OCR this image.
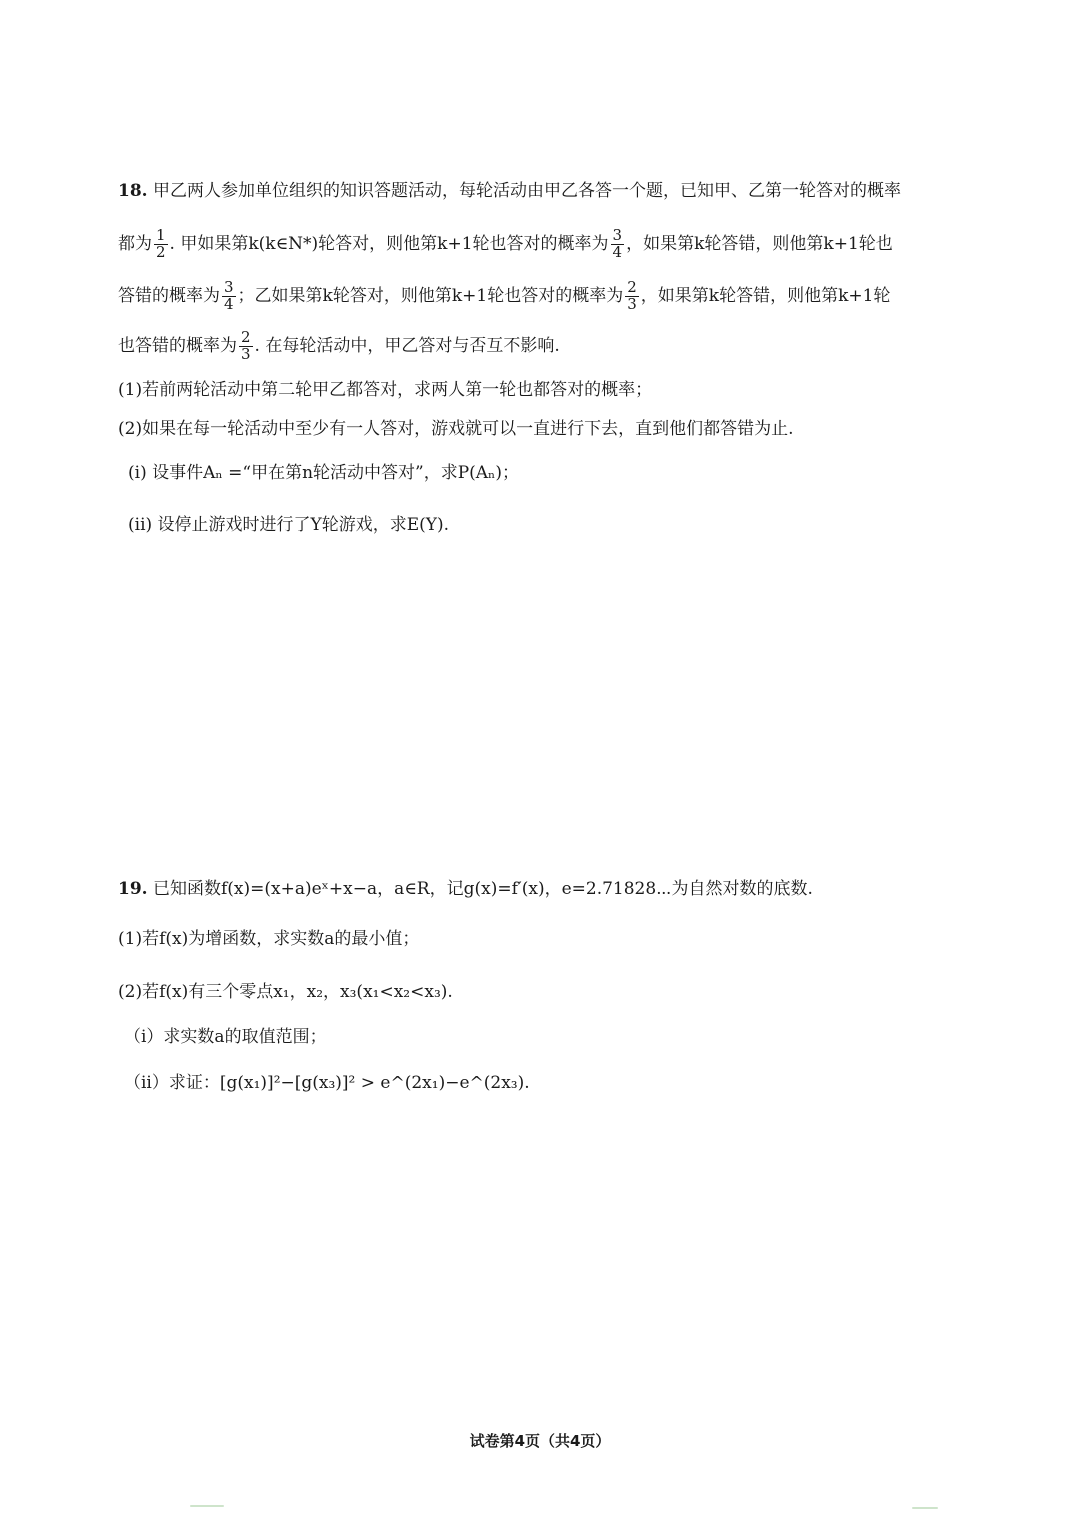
18. 甲乙两人参加单位组织的知识答题活动，每轮活动由甲乙各答一个题，已知甲、乙第一轮答对的概率
都为 $\frac{1}{2}$ . 甲如果第k(k∈N*)轮答对，则他第k+1轮也答对的概率为 $\frac{3}{4}$ ，如果第k轮答错，则他第k+1轮也
答错的概率为 $\frac{3}{4}$ ；乙如果第k轮答对，则他第k+1轮也答对的概率为 $\frac{2}{3}$ ，如果第k轮答错，则他第k+1轮
也答错的概率为 $\frac{2}{3}$ . 在每轮活动中，甲乙答对与否互不影响.
(1)若前两轮活动中第二轮甲乙都答对，求两人第一轮也都答对的概率；
(2)如果在每一轮活动中至少有一人答对，游戏就可以一直进行下去，直到他们都答错为止.
(i) 设事件Aₙ =“甲在第n轮活动中答对”，求P(Aₙ)；
(ii) 设停止游戏时进行了Y轮游戏，求E(Y).
19. 已知函数f(x)=(x+a)eˣ+x−a，a∈R，记g(x)=f′(x)，e=2.71828⋯为自然对数的底数.
(1)若f(x)为增函数，求实数a的最小值；
(2)若f(x)有三个零点x₁，x₂，x₃(x₁<x₂<x₃).
（i）求实数a的取值范围；
（ii）求证：[g(x₁)]²−[g(x₃)]² > e^(2x₁)−e^(2x₃).
试卷第4页（共4页）
